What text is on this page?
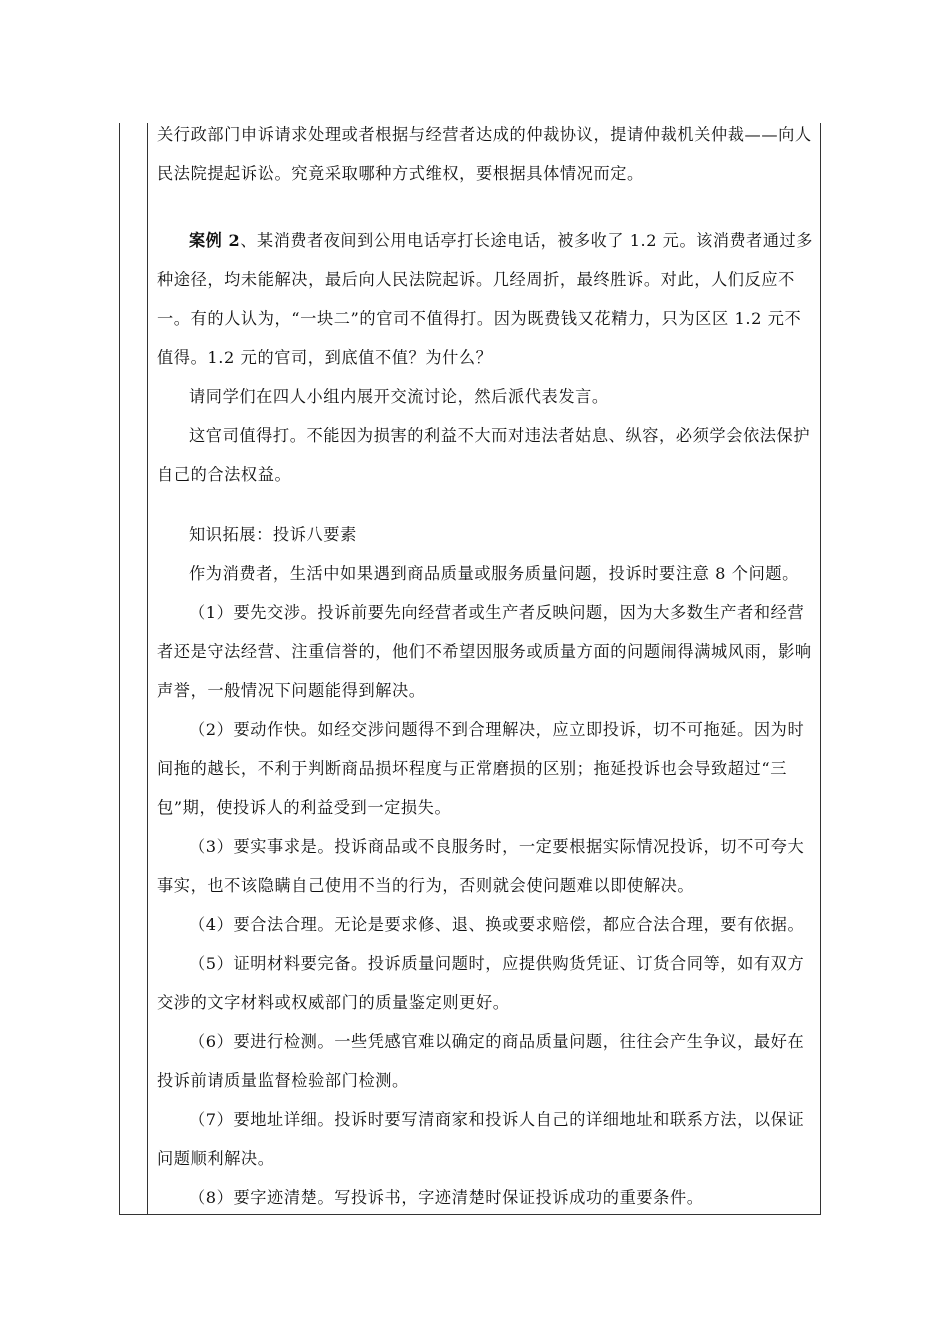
关行政部门申诉请求处理或者根据与经营者达成的仲裁协议，提请仲裁机关仲裁——向人
民法院提起诉讼。究竟采取哪种方式维权，要根据具体情况而定。
案例 2、某消费者夜间到公用电话亭打长途电话，被多收了 1.2 元。该消费者通过多
种途径，均未能解决，最后向人民法院起诉。几经周折，最终胜诉。对此，人们反应不
一。有的人认为，“一块二”的官司不值得打。因为既费钱又花精力，只为区区 1.2 元不
值得。1.2 元的官司，到底值不值？为什么？
请同学们在四人小组内展开交流讨论，然后派代表发言。
这官司值得打。不能因为损害的利益不大而对违法者姑息、纵容，必须学会依法保护
自己的合法权益。
知识拓展：投诉八要素
作为消费者，生活中如果遇到商品质量或服务质量问题，投诉时要注意 8 个问题。
（1）要先交涉。投诉前要先向经营者或生产者反映问题，因为大多数生产者和经营
者还是守法经营、注重信誉的，他们不希望因服务或质量方面的问题闹得满城风雨，影响
声誉，一般情况下问题能得到解决。
（2）要动作快。如经交涉问题得不到合理解决，应立即投诉，切不可拖延。因为时
间拖的越长，不利于判断商品损坏程度与正常磨损的区别；拖延投诉也会导致超过“三
包”期，使投诉人的利益受到一定损失。
（3）要实事求是。投诉商品或不良服务时，一定要根据实际情况投诉，切不可夸大
事实，也不该隐瞒自己使用不当的行为，否则就会使问题难以即使解决。
（4）要合法合理。无论是要求修、退、换或要求赔偿，都应合法合理，要有依据。
（5）证明材料要完备。投诉质量问题时，应提供购货凭证、订货合同等，如有双方
交涉的文字材料或权威部门的质量鉴定则更好。
（6）要进行检测。一些凭感官难以确定的商品质量问题，往往会产生争议，最好在
投诉前请质量监督检验部门检测。
（7）要地址详细。投诉时要写清商家和投诉人自己的详细地址和联系方法，以保证
问题顺利解决。
（8）要字迹清楚。写投诉书，字迹清楚时保证投诉成功的重要条件。
